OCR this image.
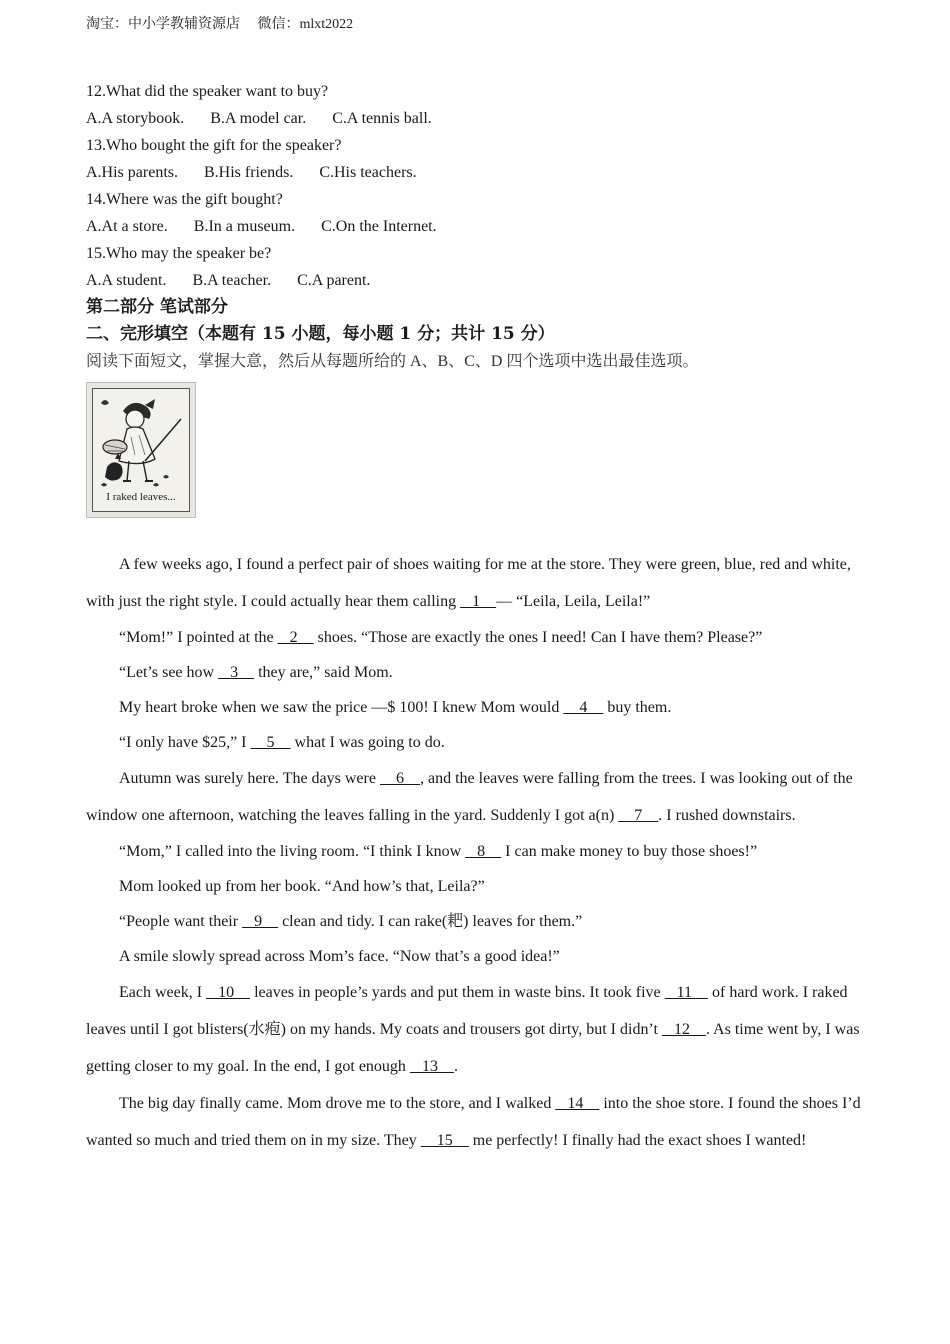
淘宝：中小学教辅资源店 微信：mlxt2022
12.What did the speaker want to buy?
A.A storybook. B.A model car. C.A tennis ball.
13.Who bought the gift for the speaker?
A.His parents. B.His friends. C.His teachers.
14.Where was the gift bought?
A.At a store. B.In a museum. C.On the Internet.
15.Who may the speaker be?
A.A student. B.A teacher. C.A parent.
第二部分 笔试部分
二、完形填空（本题有 15 小题，每小题 1 分；共计 15 分）
阅读下面短文，掌握大意，然后从每题所给的 A、B、C、D 四个选项中选出最佳选项。
I raked leaves...

A few weeks ago, I found a perfect pair of shoes waiting for me at the store. They were green, blue, red and white, with just the right style. I could actually hear them calling    1    — “Leila, Leila, Leila!”

“Mom!” I pointed at the    2     shoes. “Those are exactly the ones I need! Can I have them? Please?”

“Let’s see how    3     they are,” said Mom.

My heart broke when we saw the price —$ 100! I knew Mom would     4     buy them.

“I only have $25,” I     5     what I was going to do.

Autumn was surely here. The days were     6    , and the leaves were falling from the trees. I was looking out of the window one afternoon, watching the leaves falling in the yard. Suddenly I got a(n)     7    . I rushed downstairs.

“Mom,” I called into the living room. “I think I know    8     I can make money to buy those shoes!”

Mom looked up from her book. “And how’s that, Leila?”

“People want their    9     clean and tidy. I can rake(耙) leaves for them.”

A smile slowly spread across Mom’s face. “Now that’s a good idea!”

Each week, I    10     leaves in people’s yards and put them in waste bins. It took five    11     of hard work. I raked leaves until I got blisters(水疱) on my hands. My coats and trousers got dirty, but I didn’t    12    . As time went by, I was getting closer to my goal. In the end, I got enough    13    .

The big day finally came. Mom drove me to the store, and I walked    14     into the shoe store. I found the shoes I’d wanted so much and tried them on in my size. They     15     me perfectly! I finally had the exact shoes I wanted!
